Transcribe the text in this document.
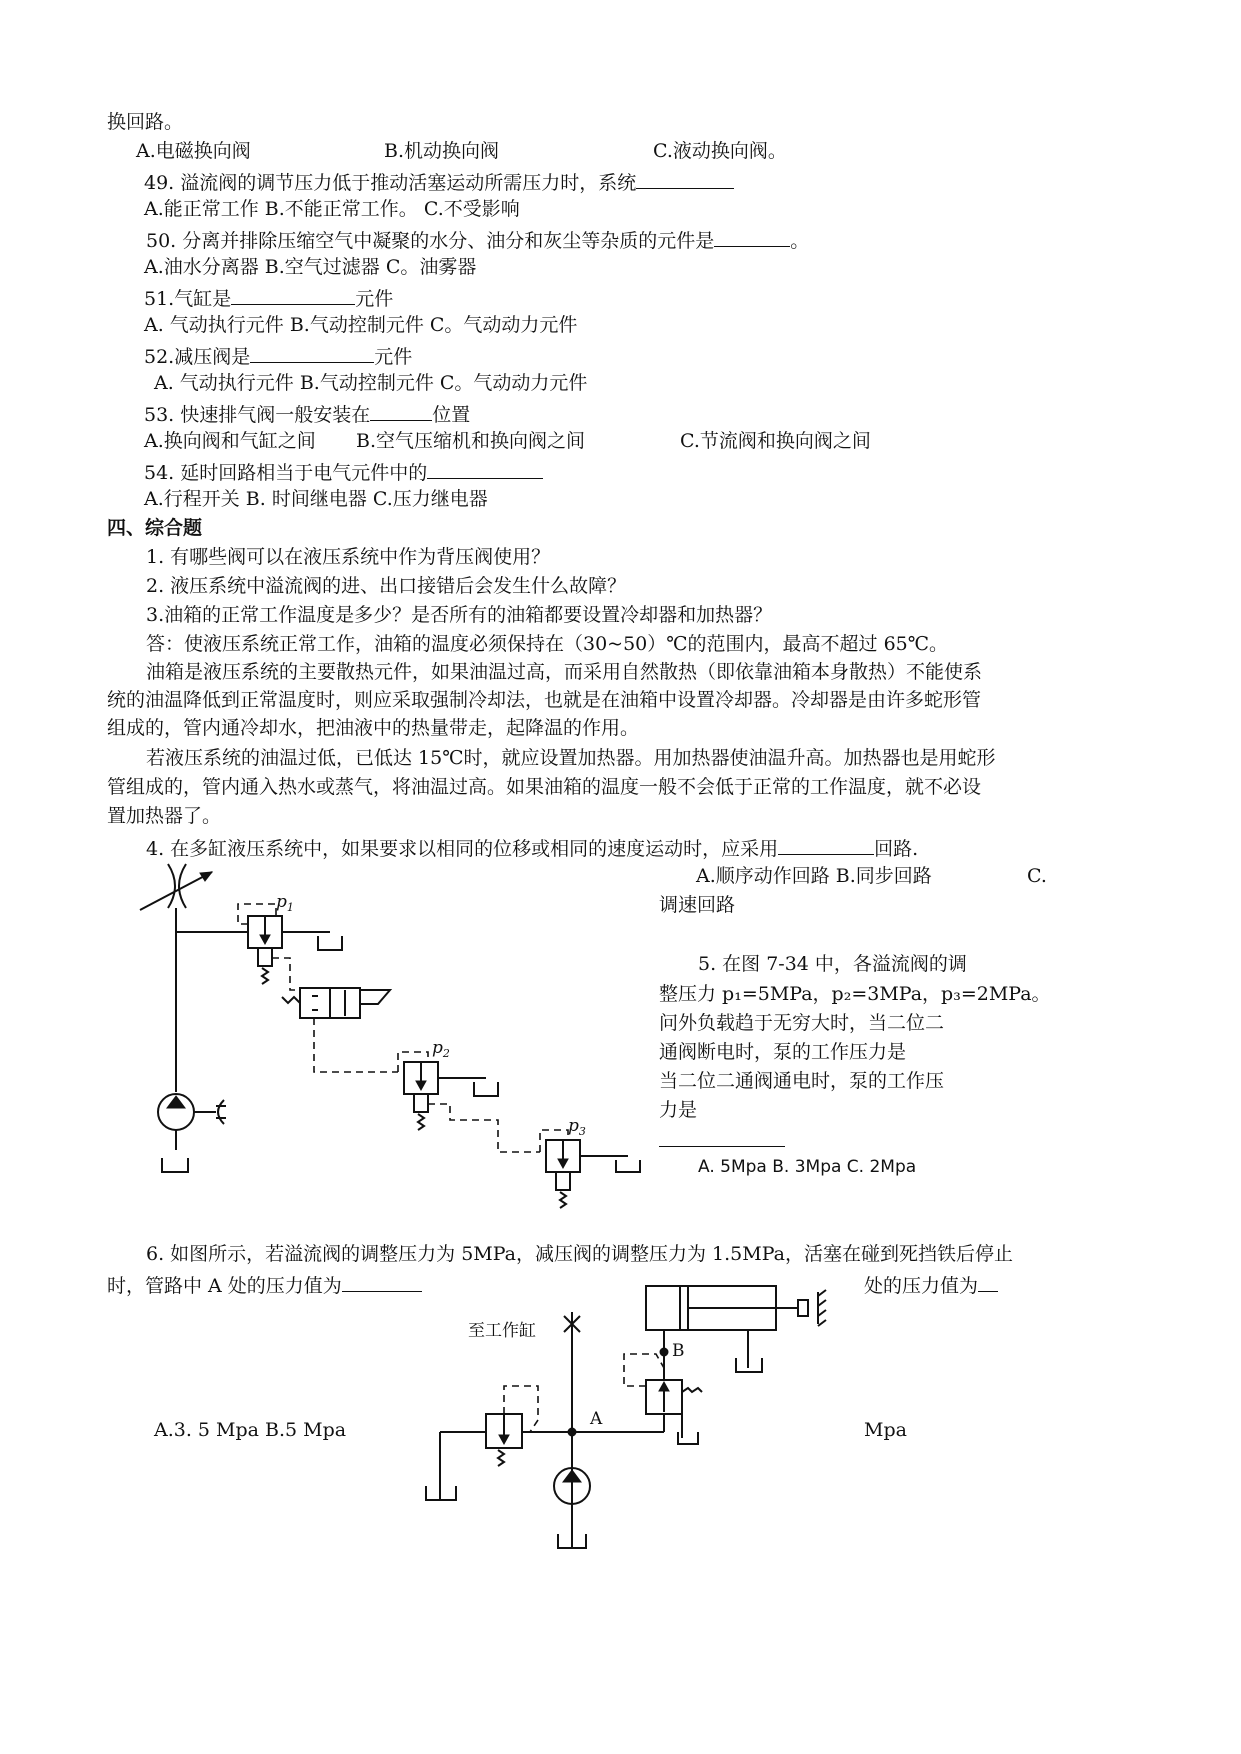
换回路。
A.电磁换向阀	B.机动换向阀	C.液动换向阀。
49. 溢流阀的调节压力低于推动活塞运动所需压力时，系统
A.能正常工作 B.不能正常工作。 C.不受影响
50. 分离并排除压缩空气中凝聚的水分、油分和灰尘等杂质的元件是	。
A.油水分离器 B.空气过滤器 C。油雾器
51.气缸是	元件
A. 气动执行元件 B.气动控制元件 C。气动动力元件
52.减压阀是	元件
A. 气动执行元件 B.气动控制元件 C。气动动力元件
53. 快速排气阀一般安装在	位置
A.换向阀和气缸之间 B.空气压缩机和换向阀之间	C.节流阀和换向阀之间
54. 延时回路相当于电气元件中的
A.行程开关 B. 时间继电器 C.压力继电器
四、综合题
1. 有哪些阀可以在液压系统中作为背压阀使用？
2. 液压系统中溢流阀的进、出口接错后会发生什么故障？
3.油箱的正常工作温度是多少？是否所有的油箱都要设置冷却器和加热器？
答：使液压系统正常工作，油箱的温度必须保持在（30~50）℃的范围内，最高不超过 65℃。
油箱是液压系统的主要散热元件，如果油温过高，而采用自然散热（即依靠油箱本身散热）不能使系
统的油温降低到正常温度时，则应采取强制冷却法，也就是在油箱中设置冷却器。冷却器是由许多蛇形管
组成的，管内通冷却水，把油液中的热量带走，起降温的作用。
若液压系统的油温过低，已低达 15℃时，就应设置加热器。用加热器使油温升高。加热器也是用蛇形
管组成的，管内通入热水或蒸气，将油温过高。如果油箱的温度一般不会低于正常的工作温度，就不必设
置加热器了。
4. 在多缸液压系统中，如果要求以相同的位移或相同的速度运动时，应采用	回路.
A.顺序动作回路 B.同步回路	C.
调速回路
5. 在图 7-34 中，各溢流阀的调
整压力 p₁=5MPa，p₂=3MPa，p₃=2MPa。
问外负载趋于无穷大时，当二位二
通阀断电时，泵的工作压力是
当二位二通阀通电时，泵的工作压
力是
A. 5Mpa B. 3Mpa C. 2Mpa
6. 如图所示，若溢流阀的调整压力为 5MPa，减压阀的调整压力为 1.5MPa，活塞在碰到死挡铁后停止
时，管路中 A 处的压力值为	处的压力值为
A.3. 5 Mpa B.5 Mpa	Mpa
$p_1$
$p_2$
$p_3$
至工作缸
A
B
